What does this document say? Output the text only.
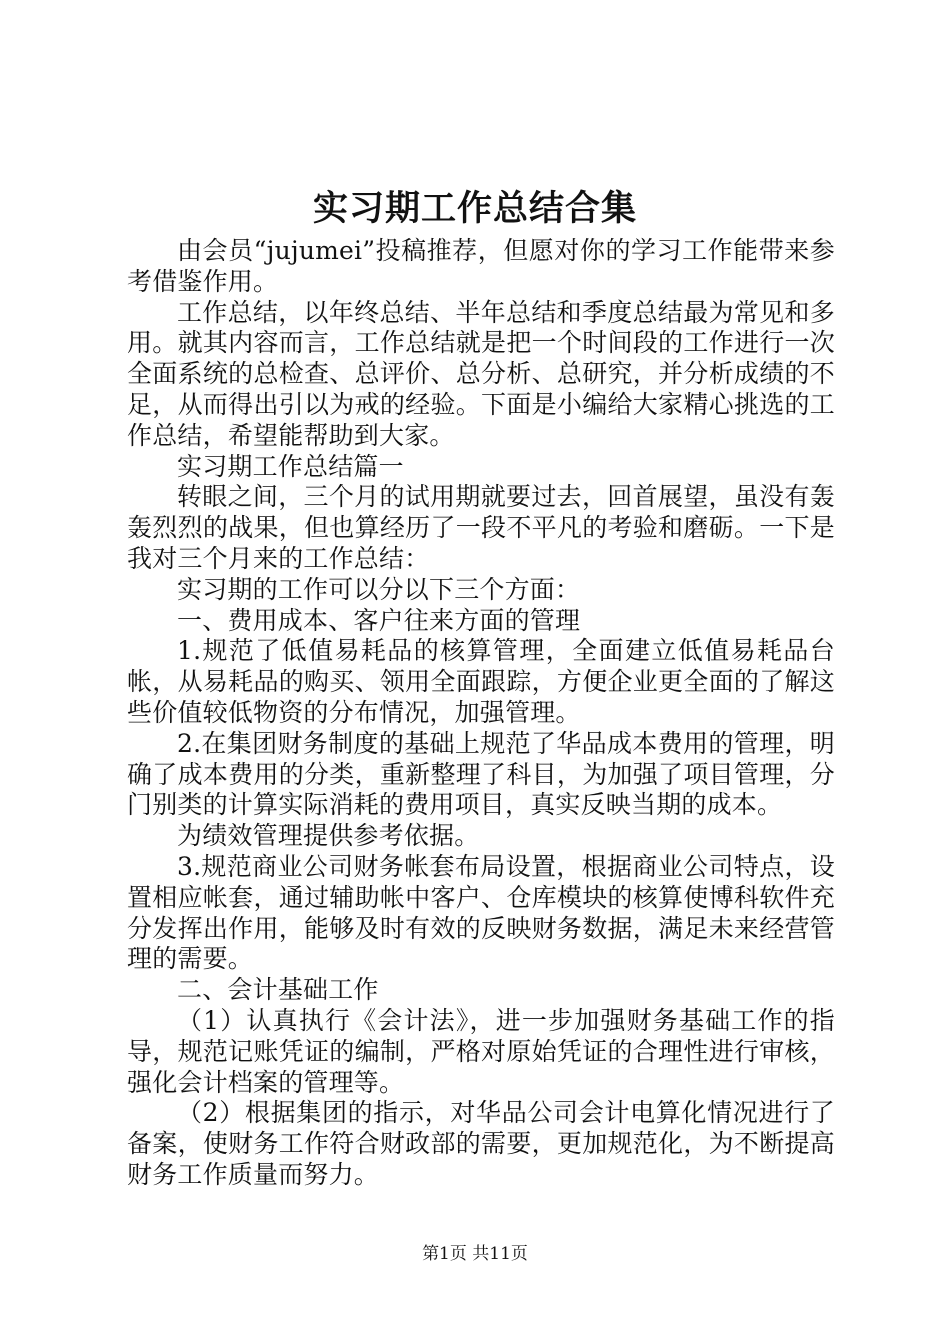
实习期工作总结合集

由会员“jujumei”投稿推荐，但愿对你的学习工作能带来参考借鉴作用。

工作总结，以年终总结、半年总结和季度总结最为常见和多用。就其内容而言，工作总结就是把一个时间段的工作进行一次全面系统的总检查、总评价、总分析、总研究，并分析成绩的不足，从而得出引以为戒的经验。下面是小编给大家精心挑选的工作总结，希望能帮助到大家。

实习期工作总结篇一

转眼之间，三个月的试用期就要过去，回首展望，虽没有轰轰烈烈的战果，但也算经历了一段不平凡的考验和磨砺。一下是我对三个月来的工作总结：

实习期的工作可以分以下三个方面：

一、费用成本、客户往来方面的管理

1.规范了低值易耗品的核算管理，全面建立低值易耗品台帐，从易耗品的购买、领用全面跟踪，方便企业更全面的了解这些价值较低物资的分布情况，加强管理。

2.在集团财务制度的基础上规范了华品成本费用的管理，明确了成本费用的分类，重新整理了科目，为加强了项目管理，分门别类的计算实际消耗的费用项目，真实反映当期的成本。

为绩效管理提供参考依据。

3.规范商业公司财务帐套布局设置，根据商业公司特点，设置相应帐套，通过辅助帐中客户、仓库模块的核算使博科软件充分发挥出作用，能够及时有效的反映财务数据，满足未来经营管理的需要。

二、会计基础工作

（1）认真执行《会计法》，进一步加强财务基础工作的指导，规范记账凭证的编制，严格对原始凭证的合理性进行审核，强化会计档案的管理等。

（2）根据集团的指示，对华品公司会计电算化情况进行了备案，使财务工作符合财政部的需要，更加规范化，为不断提高财务工作质量而努力。

第1页 共11页
